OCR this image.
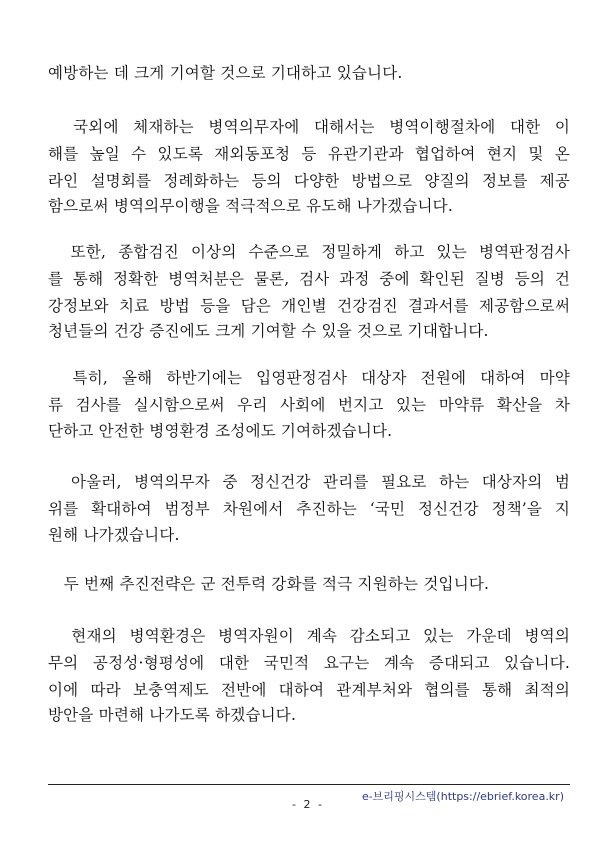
예방하는 데 크게 기여할 것으로 기대하고 있습니다.
　국외에 체재하는 병역의무자에 대해서는 병역이행절차에 대한 이
해를 높일 수 있도록 재외동포청 등 유관기관과 협업하여 현지 및 온
라인 설명회를 정례화하는 등의 다양한 방법으로 양질의 정보를 제공
함으로써 병역의무이행을 적극적으로 유도해 나가겠습니다.
　또한, 종합검진 이상의 수준으로 정밀하게 하고 있는 병역판정검사
를 통해 정확한 병역처분은 물론, 검사 과정 중에 확인된 질병 등의 건
강정보와 치료 방법 등을 담은 개인별 건강검진 결과서를 제공함으로써
청년들의 건강 증진에도 크게 기여할 수 있을 것으로 기대합니다.
　특히, 올해 하반기에는 입영판정검사 대상자 전원에 대하여 마약
류 검사를 실시함으로써 우리 사회에 번지고 있는 마약류 확산을 차
단하고 안전한 병영환경 조성에도 기여하겠습니다.
　아울러, 병역의무자 중 정신건강 관리를 필요로 하는 대상자의 범
위를 확대하여 범정부 차원에서 추진하는 ‘국민 정신건강 정책’을 지
원해 나가겠습니다.
　두 번째 추진전략은 군 전투력 강화를 적극 지원하는 것입니다.
　현재의 병역환경은 병역자원이 계속 감소되고 있는 가운데 병역의
무의 공정성·형평성에 대한 국민적 요구는 계속 증대되고 있습니다.
이에 따라 보충역제도 전반에 대하여 관계부처와 협의를 통해 최적의
방안을 마련해 나가도록 하겠습니다.
e-브리핑시스템(https://ebrief.korea.kr)
- 2 -
